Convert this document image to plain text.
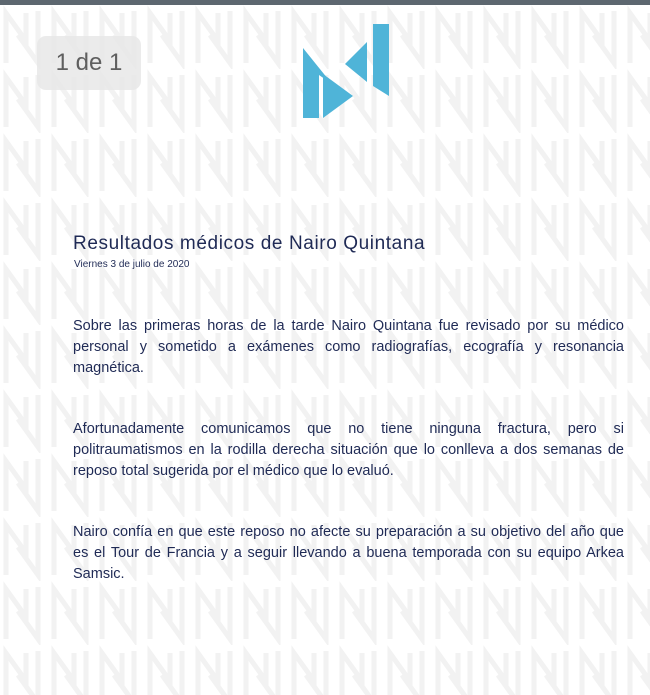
1 de 1
Resultados médicos de Nairo Quintana
Viernes 3 de julio de 2020

Sobre las primeras horas de la tarde Nairo Quintana fue revisado por su médico personal y sometido a exámenes como radiografías, ecografía y resonancia magnética.

Afortunadamente comunicamos que no tiene ninguna fractura, pero si politraumatismos en la rodilla derecha situación que lo conlleva a dos semanas de reposo total sugerida por el médico que lo evaluó.

Nairo confía en que este reposo no afecte su preparación a su objetivo del año que es el Tour de Francia y a seguir llevando a buena temporada con su equipo Arkea Samsic.
